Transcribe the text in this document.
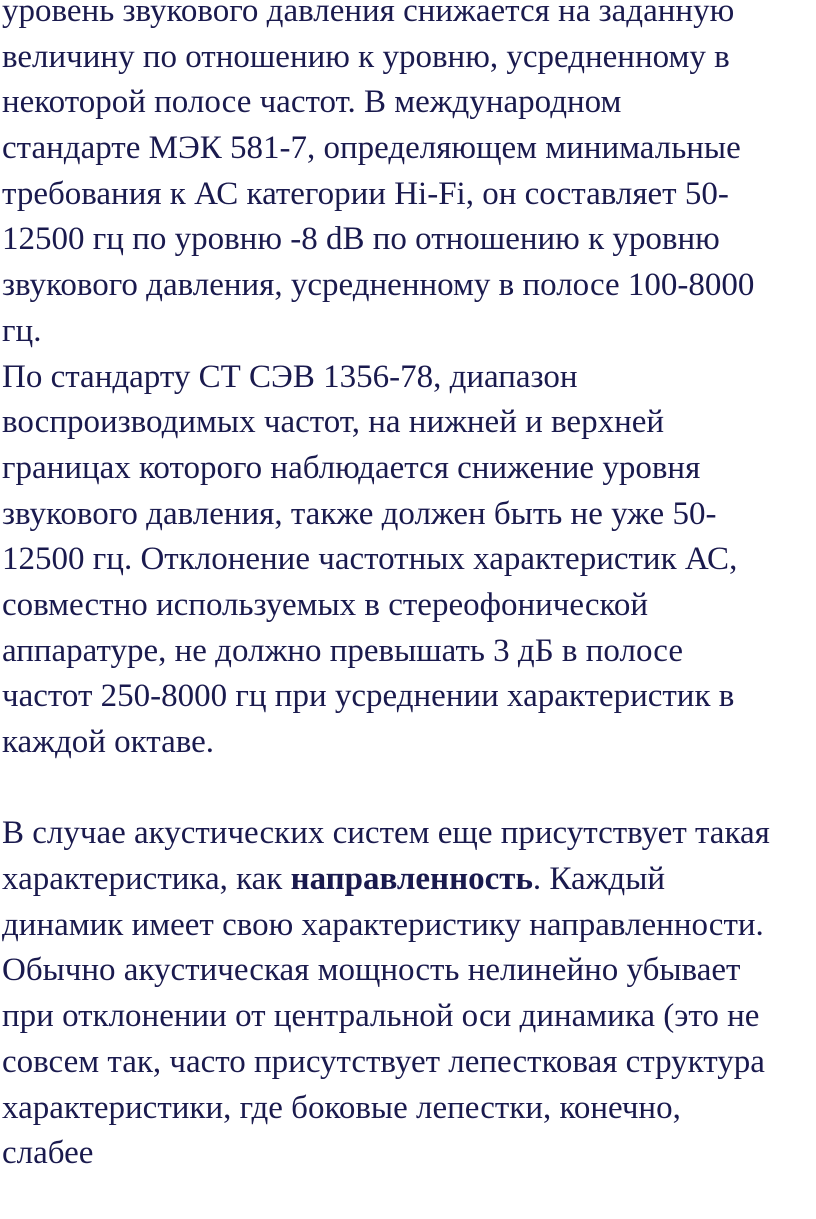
уровень звукового давления снижается на заданную
величину по отношению к уровню, усредненному в
некоторой полосе частот. В международном
стандарте МЭК 581-7, определяющем минимальные
требования к АС категории Hi-Fi, он составляет 50-
12500 гц по уровню -8 dB по отношению к уровню
звукового давления, усредненному в полосе 100-8000
гц.
По стандарту СТ СЭВ 1356-78, диапазон
воспроизводимых частот, на нижней и верхней
границах которого наблюдается снижение уровня
звукового давления, также должен быть не уже 50-
12500 гц. Отклонение частотных характеристик АС,
совместно используемых в стереофонической
аппаратуре, не должно превышать 3 дБ в полосе
частот 250-8000 гц при усреднении характеристик в
каждой октаве.
В случае акустических систем еще присутствует такая
характеристика, как направленность. Каждый
динамик имеет свою характеристику направленности.
Обычно акустическая мощность нелинейно убывает
при отклонении от центральной оси динамика (это не
совсем так, часто присутствует лепестковая структура
характеристики, где боковые лепестки, конечно,
слабее
